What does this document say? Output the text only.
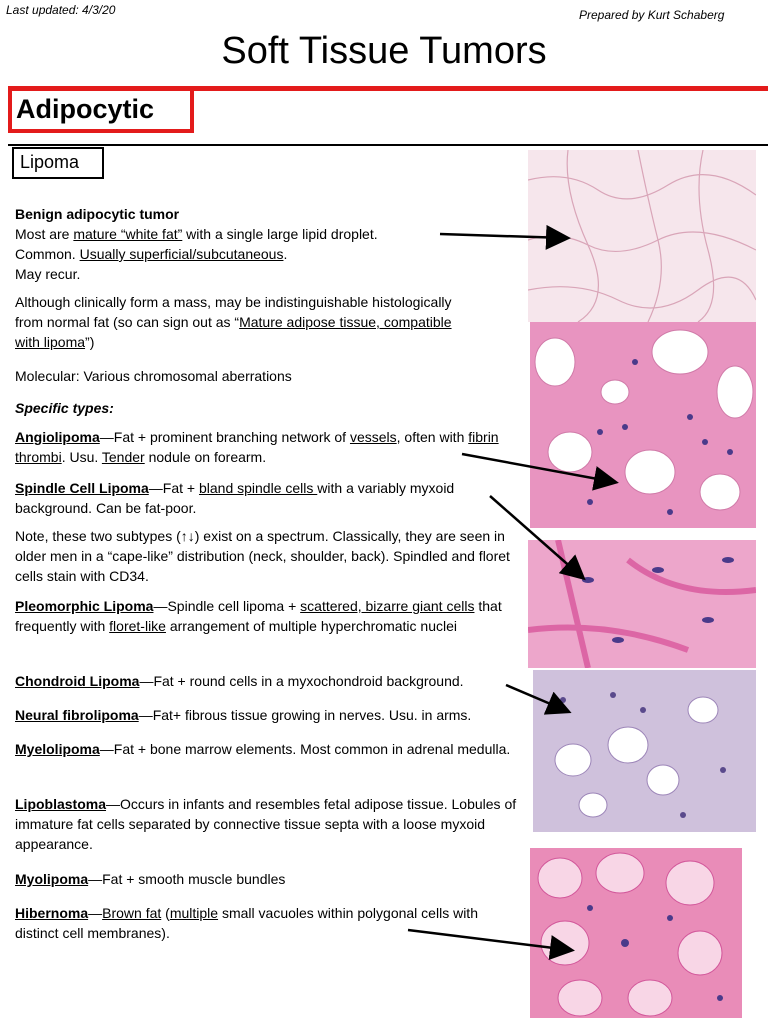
Last updated: 4/3/20	Prepared by Kurt Schaberg
Soft Tissue Tumors
Adipocytic
Lipoma
Benign adipocytic tumor
Most are mature “white fat” with a single large lipid droplet.
Common. Usually superficial/subcutaneous.
May recur.
Although clinically form a mass, may be indistinguishable histologically from normal fat (so can sign out as “Mature adipose tissue, compatible with lipoma”)
Molecular: Various chromosomal aberrations
Specific types:
Angiolipoma—Fat + prominent branching network of vessels, often with fibrin thrombi. Usu. Tender nodule on forearm.
Spindle Cell Lipoma—Fat + bland spindle cells with a variably myxoid background. Can be fat-poor.
Note, these two subtypes (↑↓) exist on a spectrum. Classically, they are seen in older men in a “cape-like” distribution (neck, shoulder, back). Spindled and floret cells stain with CD34.
Pleomorphic Lipoma—Spindle cell lipoma + scattered, bizarre giant cells that frequently with floret-like arrangement of multiple hyperchromatic nuclei
Chondroid Lipoma—Fat + round cells in a myxochondroid background.
Neural fibrolipoma—Fat+ fibrous tissue growing in nerves. Usu. in arms.
Myelolipoma—Fat + bone marrow elements. Most common in adrenal medulla.
Lipoblastoma—Occurs in infants and resembles fetal adipose tissue. Lobules of immature fat cells separated by connective tissue septa with a loose myxoid appearance.
Myolipoma—Fat + smooth muscle bundles
Hibernoma—Brown fat (multiple small vacuoles within polygonal cells with distinct cell membranes).
